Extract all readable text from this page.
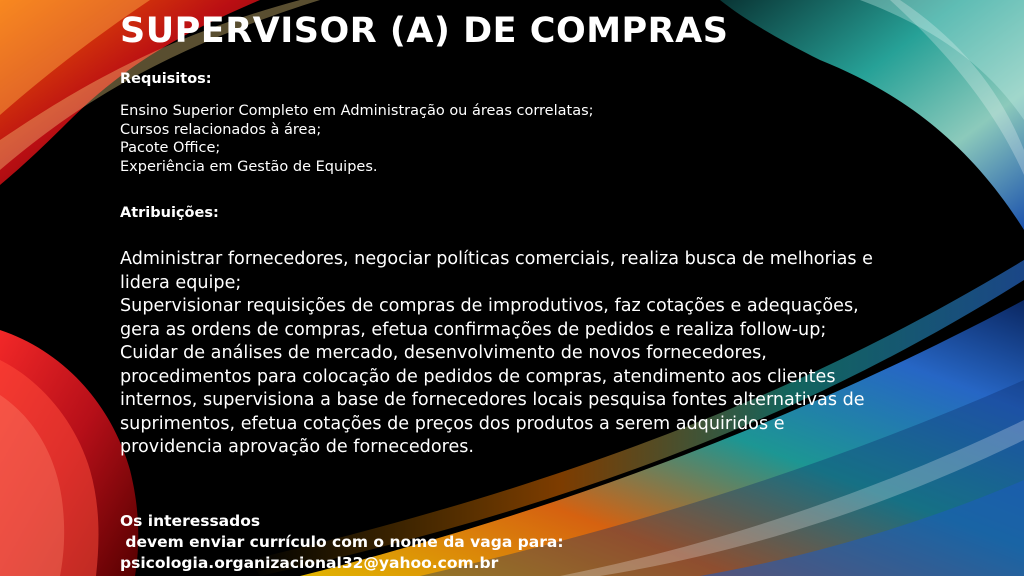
SUPERVISOR (A) DE COMPRAS
Requisitos:
Ensino Superior Completo em Administração ou áreas correlatas;
Cursos relacionados à área;
Pacote Office;
Experiência em Gestão de Equipes.
Atribuições:
Administrar fornecedores, negociar políticas comerciais, realiza busca de melhorias e lidera equipe;
Supervisionar requisições de compras de improdutivos, faz cotações e adequações, gera as ordens de compras, efetua confirmações de pedidos e realiza follow-up;
Cuidar de análises de mercado, desenvolvimento de novos fornecedores, procedimentos para colocação de pedidos de compras, atendimento aos clientes internos, supervisiona a base de fornecedores locais pesquisa fontes alternativas de suprimentos, efetua cotações de preços dos produtos a serem adquiridos e providencia aprovação de fornecedores.
Os interessados
devem enviar currículo com o nome da vaga para:
psicologia.organizacional32@yahoo.com.br
